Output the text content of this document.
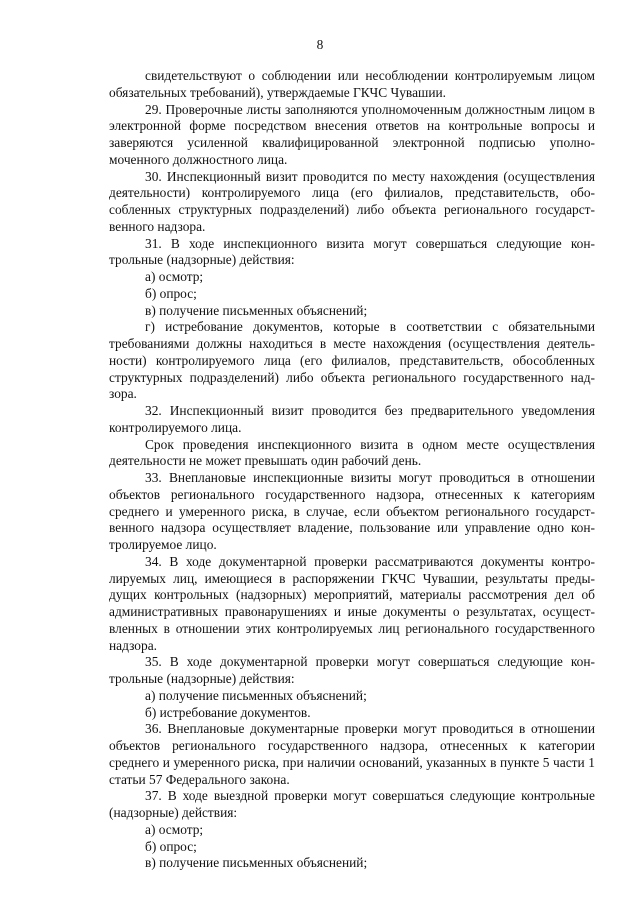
8

свидетельствуют о соблюдении или несоблюдении контролируемым лицом обязательных требований), утверждаемые ГКЧС Чувашии.

29. Проверочные листы заполняются уполномоченным должностным лицом в электронной форме посредством внесения ответов на контрольные вопросы и заверяются усиленной квалифицированной электронной подписью уполномоченного должностного лица.

30. Инспекционный визит проводится по месту нахождения (осуществления деятельности) контролируемого лица (его филиалов, представительств, обособленных структурных подразделений) либо объекта регионального государственного надзора.

31. В ходе инспекционного визита могут совершаться следующие контрольные (надзорные) действия:

а) осмотр;

б) опрос;

в) получение письменных объяснений;

г) истребование документов, которые в соответствии с обязательными требованиями должны находиться в месте нахождения (осуществления деятельности) контролируемого лица (его филиалов, представительств, обособленных структурных подразделений) либо объекта регионального государственного надзора.

32. Инспекционный визит проводится без предварительного уведомления контролируемого лица.

Срок проведения инспекционного визита в одном месте осуществления деятельности не может превышать один рабочий день.

33. Внеплановые инспекционные визиты могут проводиться в отношении объектов регионального государственного надзора, отнесенных к категориям среднего и умеренного риска, в случае, если объектом регионального государственного надзора осуществляет владение, пользование или управление одно контролируемое лицо.

34. В ходе документарной проверки рассматриваются документы контролируемых лиц, имеющиеся в распоряжении ГКЧС Чувашии, результаты предыдущих контрольных (надзорных) мероприятий, материалы рассмотрения дел об административных правонарушениях и иные документы о результатах, осуществленных в отношении этих контролируемых лиц регионального государственного надзора.

35. В ходе документарной проверки могут совершаться следующие контрольные (надзорные) действия:

а) получение письменных объяснений;

б) истребование документов.

36. Внеплановые документарные проверки могут проводиться в отношении объектов регионального государственного надзора, отнесенных к категории среднего и умеренного риска, при наличии оснований, указанных в пункте 5 части 1 статьи 57 Федерального закона.

37. В ходе выездной проверки могут совершаться следующие контрольные (надзорные) действия:

а) осмотр;

б) опрос;

в) получение письменных объяснений;
